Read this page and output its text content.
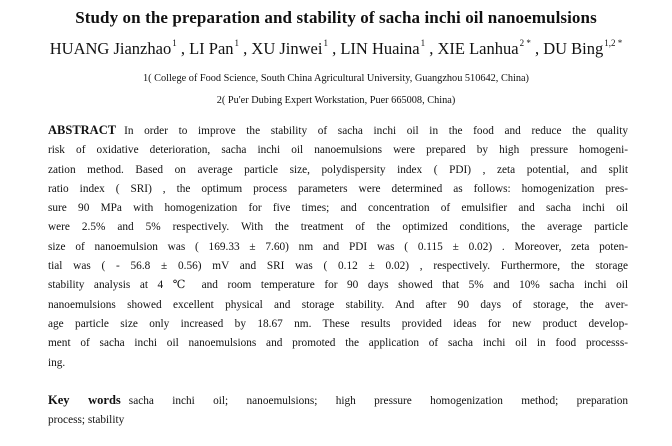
Study on the preparation and stability of sacha inchi oil nanoemulsions
HUANG Jianzhao$^1$ , LI Pan$^1$ , XU Jinwei$^1$ , LIN Huaina$^1$ , XIE Lanhua$^{2 *}$ , DU Bing$^{1,2 *}$
1( College of Food Science, South China Agricultural University, Guangzhou 510642, China)
2( Pu'er Dubing Expert Workstation, Puer 665008, China)
ABSTRACT In order to improve the stability of sacha inchi oil in the food and reduce the quality
risk of oxidative deterioration, sacha inchi oil nanoemulsions were prepared by high pressure homogeni-
zation method. Based on average particle size, polydispersity index ( PDI) , zeta potential, and split
ratio index ( SRI) , the optimum process parameters were determined as follows: homogenization pres-
sure 90 MPa with homogenization for five times; and concentration of emulsifier and sacha inchi oil
were 2.5% and 5% respectively. With the treatment of the optimized conditions, the average particle
size of nanoemulsion was ( 169.33 ± 7.60) nm and PDI was ( 0.115 ± 0.02) . Moreover, zeta poten-
tial was ( - 56.8 ± 0.56) mV and SRI was ( 0.12 ± 0.02) , respectively. Furthermore, the storage
stability analysis at 4 ℃ and room temperature for 90 days showed that 5% and 10% sacha inchi oil
nanoemulsions showed excellent physical and storage stability. And after 90 days of storage, the aver-
age particle size only increased by 18.67 nm. These results provided ideas for new product develop-
ment of sacha inchi oil nanoemulsions and promoted the application of sacha inchi oil in food processs-
ing.
Key words sacha inchi oil; nanoemulsions; high pressure homogenization method; preparation
process; stability
